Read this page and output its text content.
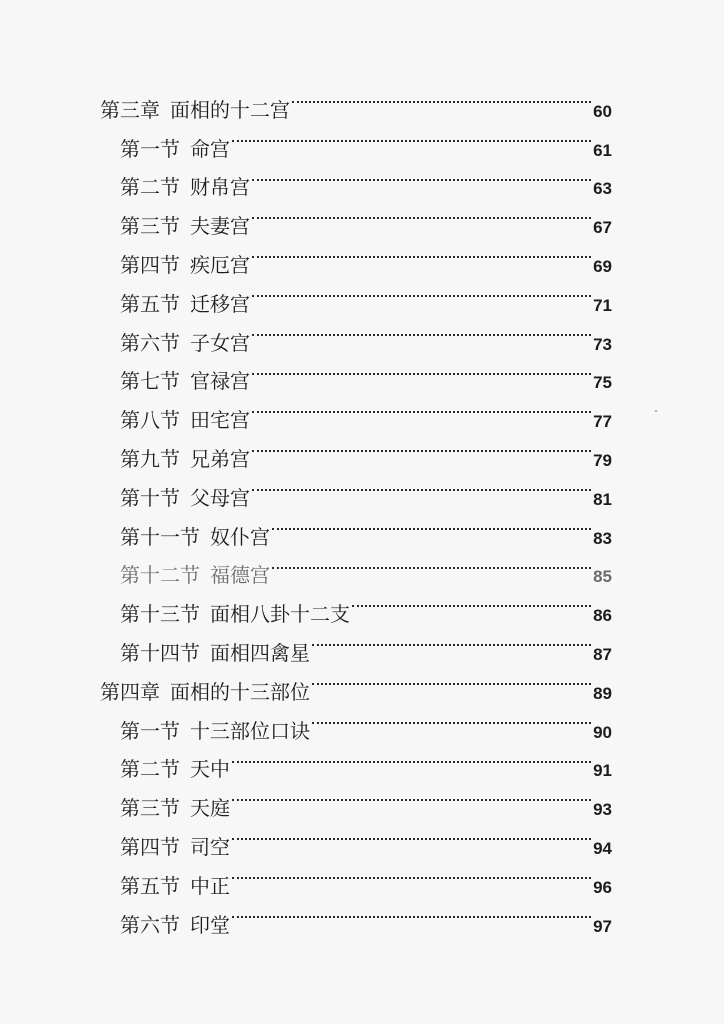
第三章 面相的十二宫	60
第一节 命宫	61
第二节 财帛宫	63
第三节 夫妻宫	67
第四节 疾厄宫	69
第五节 迁移宫	71
第六节 子女宫	73
第七节 官禄宫	75
第八节 田宅宫	77
第九节 兄弟宫	79
第十节 父母宫	81
第十一节 奴仆宫	83
第十二节 福德宫	85
第十三节 面相八卦十二支	86
第十四节 面相四禽星	87
第四章 面相的十三部位	89
第一节 十三部位口诀	90
第二节 天中	91
第三节 天庭	93
第四节 司空	94
第五节 中正	96
第六节 印堂	97
